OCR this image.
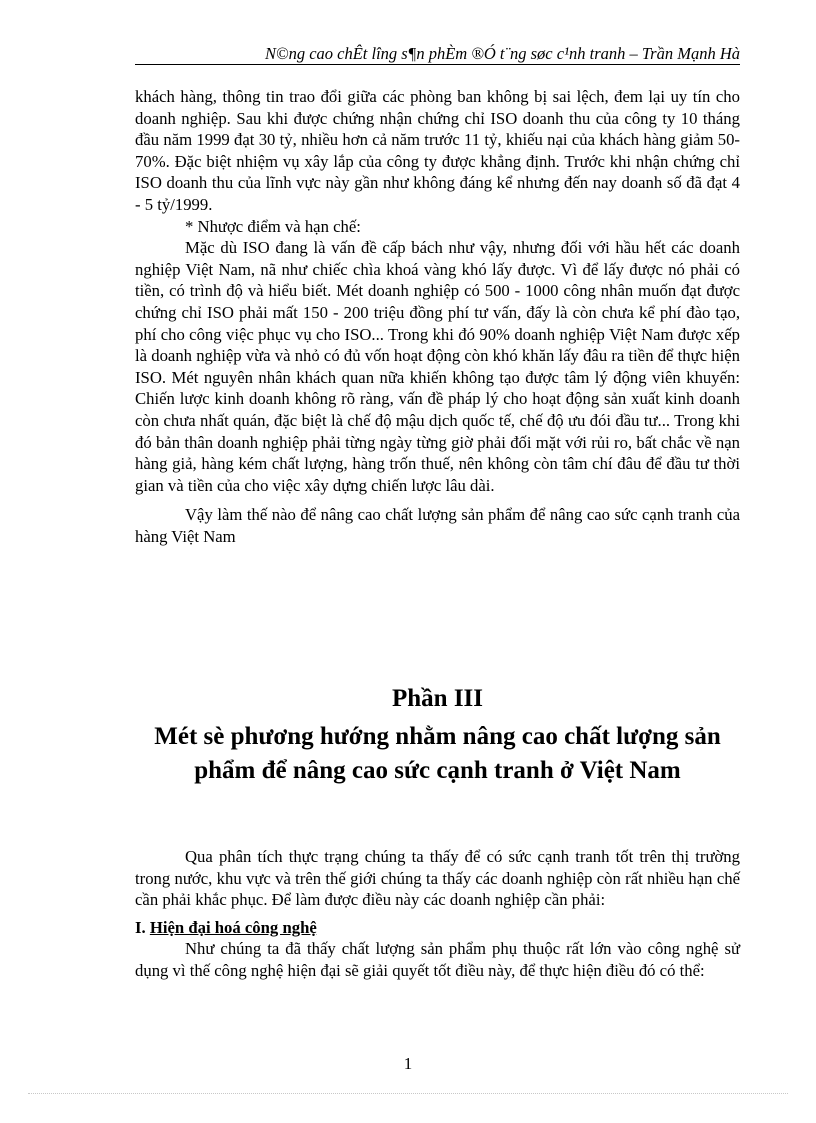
N©ng cao chÊt lîng s¶n phÈm ®Ó t¨ng søc c¹nh tranh – Trần Mạnh Hà

khách hàng, thông tin trao đổi giữa các phòng ban không bị sai lệch, đem lại uy tín cho doanh nghiệp. Sau khi được chứng nhận chứng chỉ ISO doanh thu của công ty 10 tháng đầu năm 1999 đạt 30 tỷ, nhiều hơn cả năm trước 11 tỷ, khiếu nại của khách hàng giảm 50-70%. Đặc biệt nhiệm vụ xây lắp của công ty được khẳng định. Trước khi nhận chứng chỉ ISO doanh thu của lĩnh vực này gần như không đáng kể nhưng đến nay doanh số đã đạt 4 - 5 tỷ/1999.

* Nhược điểm và hạn chế:

Mặc dù ISO đang là vấn đề cấp bách như vậy, nhưng đối với hầu hết các doanh nghiệp Việt Nam, nã như chiếc chìa khoá vàng khó lấy được. Vì để lấy được nó phải có tiền, có trình độ và hiểu biết. Mét doanh nghiệp có 500 - 1000 công nhân muốn đạt được chứng chỉ ISO phải mất 150 - 200 triệu đồng phí tư vấn, đấy là còn chưa kể phí đào tạo, phí cho công việc phục vụ cho ISO... Trong khi đó 90% doanh nghiệp Việt Nam được xếp là doanh nghiệp vừa và nhỏ có đủ vốn hoạt động còn khó khăn lấy đâu ra tiền để thực hiện ISO. Mét nguyên nhân khách quan nữa khiến không tạo được tâm lý động viên khuyến: Chiến lược kinh doanh không rõ ràng, vấn đề pháp lý cho hoạt động sản xuất kinh doanh còn chưa nhất quán, đặc biệt là chế độ mậu dịch quốc tế, chế độ ưu đói đầu tư... Trong khi đó bản thân doanh nghiệp phải từng ngày từng giờ phải đối mặt với rủi ro, bất chắc về nạn hàng giả, hàng kém chất lượng, hàng trốn thuế, nên không còn tâm chí đâu để đầu tư thời gian và tiền của cho việc xây dựng chiến lược lâu dài.

Vậy làm thế nào để nâng cao chất lượng sản phẩm để nâng cao sức cạnh tranh của hàng Việt Nam

Phần III
Mét sè phương hướng nhằm nâng cao chất lượng sản phẩm để nâng cao sức cạnh tranh ở Việt Nam

Qua phân tích thực trạng chúng ta thấy để có sức cạnh tranh tốt trên thị trường trong nước, khu vực và trên thế giới chúng ta thấy các doanh nghiệp còn rất nhiều hạn chế cần phải khắc phục. Để làm được điều này các doanh nghiệp cần phải:

I. Hiện đại hoá công nghệ

Như chúng ta đã thấy chất lượng sản phẩm phụ thuộc rất lớn vào công nghệ sử dụng vì thế công nghệ hiện đại sẽ giải quyết tốt điều này, để thực hiện điều đó có thể:

1
